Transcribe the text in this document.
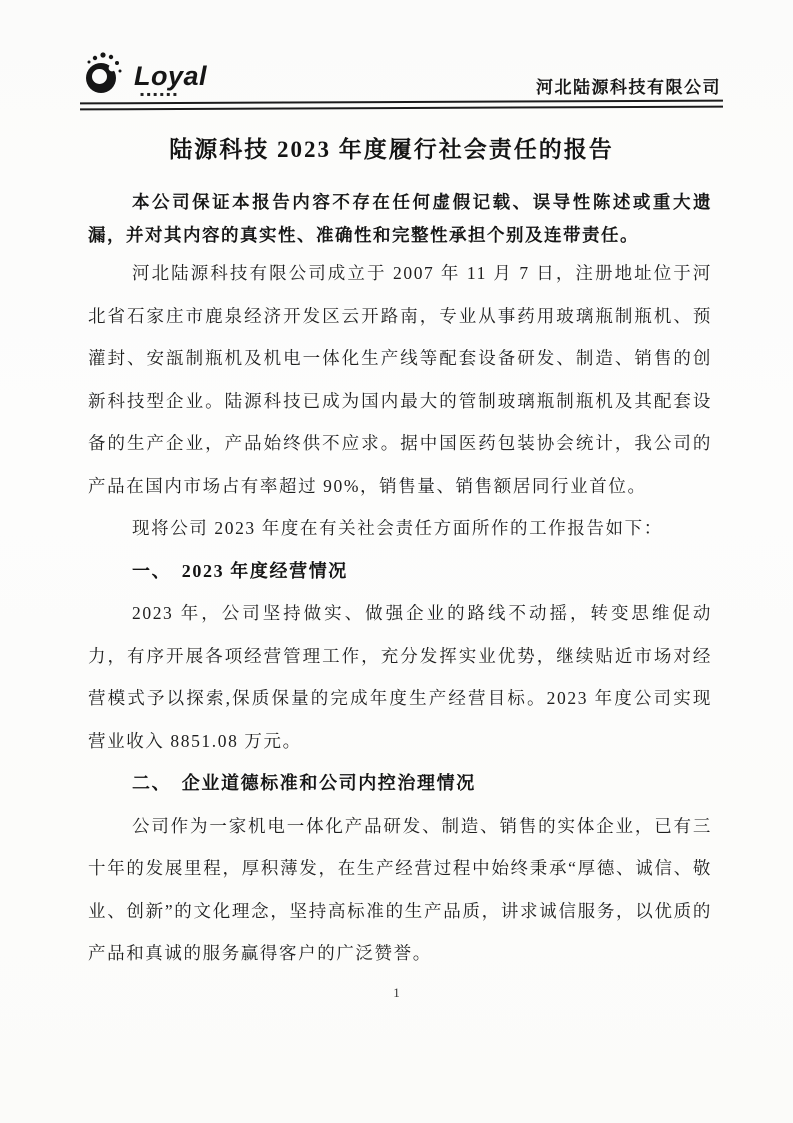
Loyal
▪▪▪▪▪▪	河北陆源科技有限公司
陆源科技 2023 年度履行社会责任的报告
本公司保证本报告内容不存在任何虚假记载、误导性陈述或重大遗漏，并对其内容的真实性、准确性和完整性承担个别及连带责任。

河北陆源科技有限公司成立于 2007 年 11 月 7 日，注册地址位于河北省石家庄市鹿泉经济开发区云开路南，专业从事药用玻璃瓶制瓶机、预灌封、安瓿制瓶机及机电一体化生产线等配套设备研发、制造、销售的创新科技型企业。陆源科技已成为国内最大的管制玻璃瓶制瓶机及其配套设备的生产企业，产品始终供不应求。据中国医药包装协会统计，我公司的产品在国内市场占有率超过 90%，销售量、销售额居同行业首位。

现将公司 2023 年度在有关社会责任方面所作的工作报告如下：

一、　2023 年度经营情况

2023 年，公司坚持做实、做强企业的路线不动摇，转变思维促动力，有序开展各项经营管理工作，充分发挥实业优势，继续贴近市场对经营模式予以探索,保质保量的完成年度生产经营目标。2023 年度公司实现营业收入 8851.08 万元。

二、　企业道德标准和公司内控治理情况

公司作为一家机电一体化产品研发、制造、销售的实体企业，已有三十年的发展里程，厚积薄发，在生产经营过程中始终秉承“厚德、诚信、敬业、创新”的文化理念，坚持高标准的生产品质，讲求诚信服务，以优质的产品和真诚的服务赢得客户的广泛赞誉。

1
